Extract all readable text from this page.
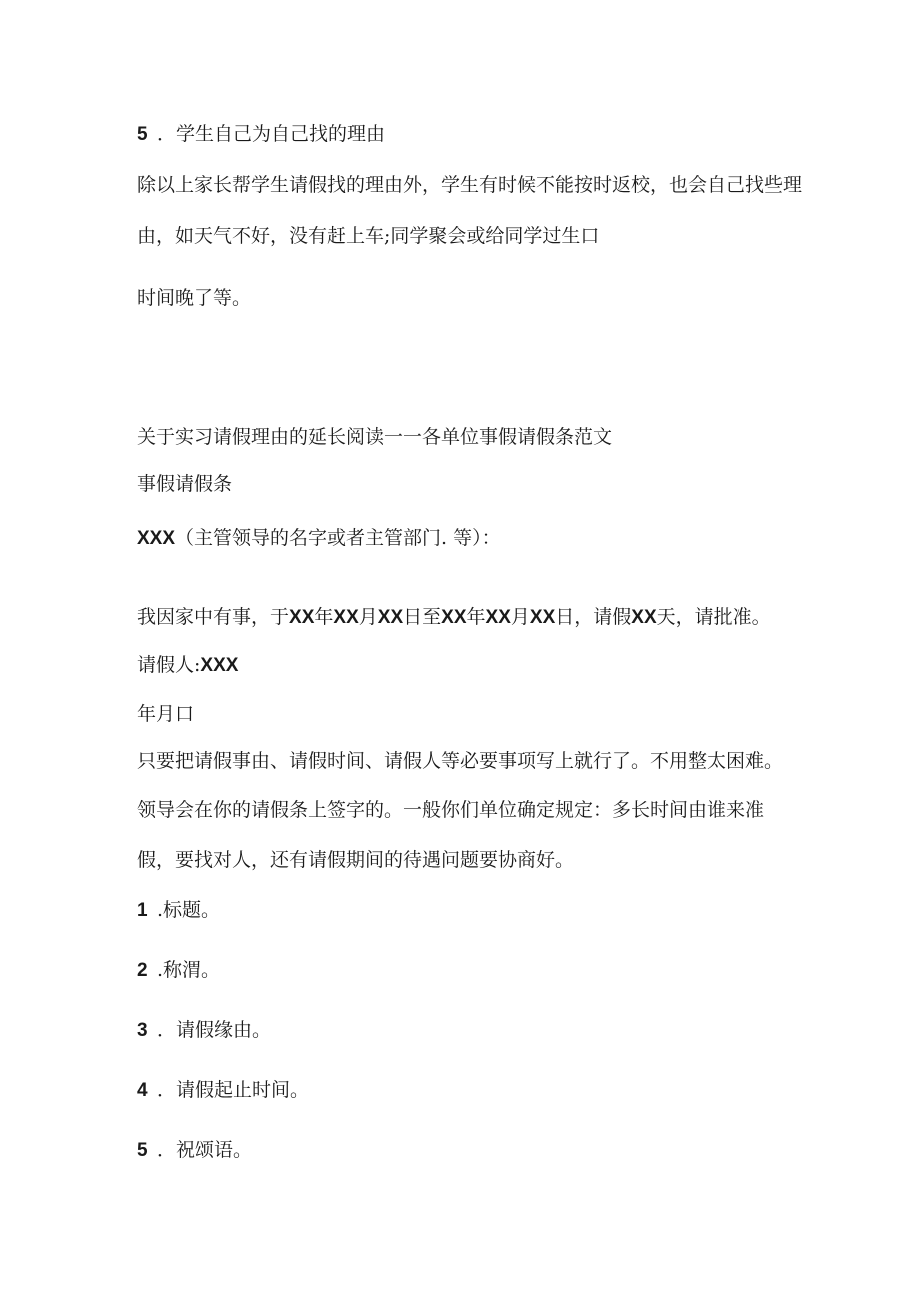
5 ．学生自己为自己找的理由
除以上家长帮学生请假找的理由外，学生有时候不能按时返校，也会自己找些理
由，如天气不好，没有赶上车;同学聚会或给同学过生口
时间晚了等。
关于实习请假理由的延长阅读一一各单位事假请假条范文
事假请假条
XXX（主管领导的名字或者主管部门. 等）：
我因家中有事，于XX年XX月XX日至XX年XX月XX日，请假XX天，请批准。
请假人:XXX
年月口
只要把请假事由、请假时间、请假人等必要事项写上就行了。不用整太困难。
领导会在你的请假条上签字的。一般你们单位确定规定：多长时间由谁来准
假，要找对人，还有请假期间的待遇问题要协商好。
1 .标题。
2 .称渭。
3 ．请假缘由。
4 ．请假起止时间。
5 ．祝颂语。
